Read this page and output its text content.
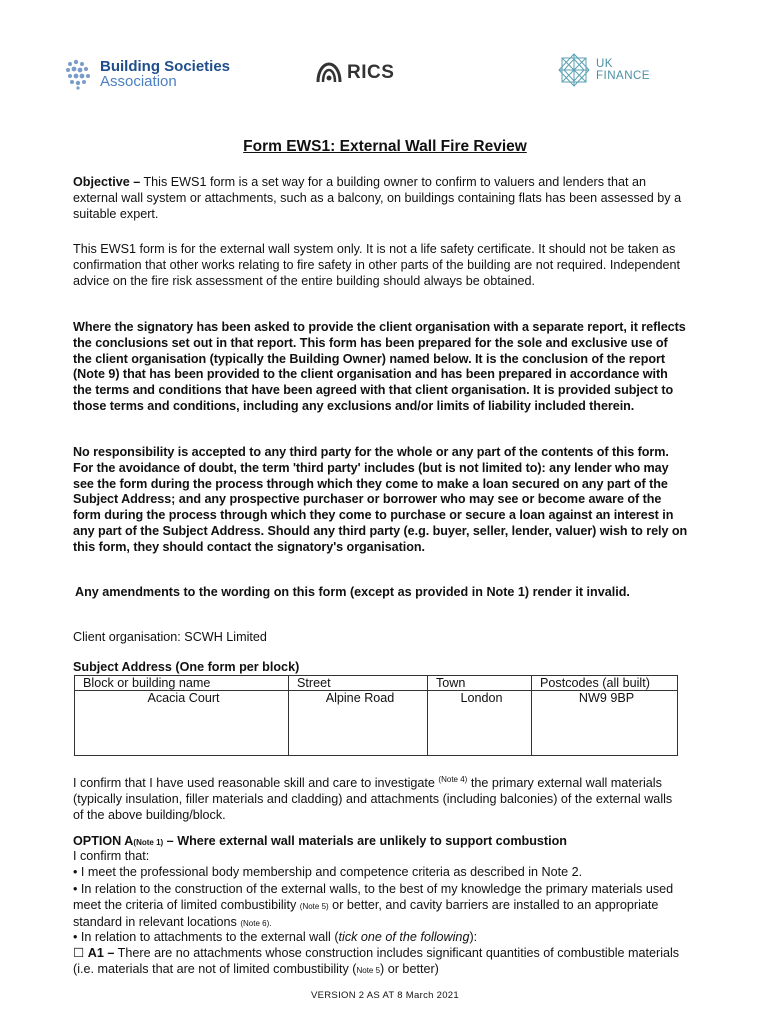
Building Societies
Association	RICS	UK
FINANCE
Form EWS1: External Wall Fire Review

Objective – This EWS1 form is a set way for a building owner to confirm to valuers and lenders that an external wall system or attachments, such as a balcony, on buildings containing flats has been assessed by a suitable expert.

This EWS1 form is for the external wall system only. It is not a life safety certificate. It should not be taken as confirmation that other works relating to fire safety in other parts of the building are not required. Independent advice on the fire risk assessment of the entire building should always be obtained.

Where the signatory has been asked to provide the client organisation with a separate report, it reflects the conclusions set out in that report. This form has been prepared for the sole and exclusive use of the client organisation (typically the Building Owner) named below. It is the conclusion of the report (Note 9) that has been provided to the client organisation and has been prepared in accordance with the terms and conditions that have been agreed with that client organisation. It is provided subject to those terms and conditions, including any exclusions and/or limits of liability included therein.

No responsibility is accepted to any third party for the whole or any part of the contents of this form. For the avoidance of doubt, the term 'third party' includes (but is not limited to): any lender who may see the form during the process through which they come to make a loan secured on any part of the Subject Address; and any prospective purchaser or borrower who may see or become aware of the form during the process through which they come to purchase or secure a loan against an interest in any part of the Subject Address. Should any third party (e.g. buyer, seller, lender, valuer) wish to rely on this form, they should contact the signatory's organisation.

Any amendments to the wording on this form (except as provided in Note 1) render it invalid.

Client organisation: SCWH Limited

Subject Address (One form per block)

Block or building name	Street	Town	Postcodes (all built)
Acacia Court	Alpine Road	London	NW9 9BP

I confirm that I have used reasonable skill and care to investigate $^{(Note 4)}$ the primary external wall materials (typically insulation, filler materials and cladding) and attachments (including balconies) of the external walls of the above building/block.

OPTION A(Note 1) – Where external wall materials are unlikely to support combustion

I confirm that:

• I meet the professional body membership and competence criteria as described in Note 2.

• In relation to the construction of the external walls, to the best of my knowledge the primary materials used meet the criteria of limited combustibility (Note 5) or better, and cavity barriers are installed to an appropriate standard in relevant locations (Note 6).

• In relation to attachments to the external wall (tick one of the following):

☐ A1 – There are no attachments whose construction includes significant quantities of combustible materials (i.e. materials that are not of limited combustibility (Note 5) or better)

VERSION 2 AS AT 8 March 2021
